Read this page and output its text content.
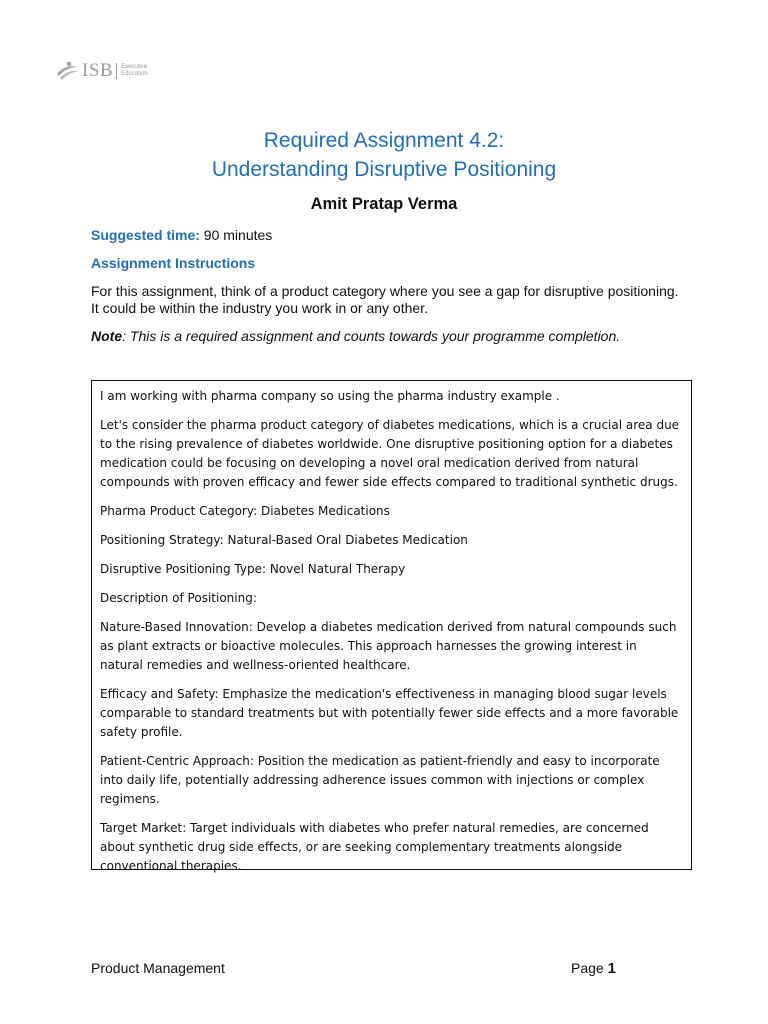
ISB Executive
Education
Required Assignment 4.2:
Understanding Disruptive Positioning
Amit Pratap Verma
Suggested time: 90 minutes
Assignment Instructions
For this assignment, think of a product category where you see a gap for disruptive positioning.
It could be within the industry you work in or any other.
Note: This is a required assignment and counts towards your programme completion.

I am working with pharma company so using the pharma industry example .

Let's consider the pharma product category of diabetes medications, which is a crucial area due to the rising prevalence of diabetes worldwide. One disruptive positioning option for a diabetes medication could be focusing on developing a novel oral medication derived from natural compounds with proven efficacy and fewer side effects compared to traditional synthetic drugs.

Pharma Product Category: Diabetes Medications

Positioning Strategy: Natural-Based Oral Diabetes Medication

Disruptive Positioning Type: Novel Natural Therapy

Description of Positioning:

Nature-Based Innovation: Develop a diabetes medication derived from natural compounds such as plant extracts or bioactive molecules. This approach harnesses the growing interest in natural remedies and wellness-oriented healthcare.

Efficacy and Safety: Emphasize the medication's effectiveness in managing blood sugar levels comparable to standard treatments but with potentially fewer side effects and a more favorable safety profile.

Patient-Centric Approach: Position the medication as patient-friendly and easy to incorporate into daily life, potentially addressing adherence issues common with injections or complex regimens.

Target Market: Target individuals with diabetes who prefer natural remedies, are concerned about synthetic drug side effects, or are seeking complementary treatments alongside conventional therapies.

Product Management	Page 1
